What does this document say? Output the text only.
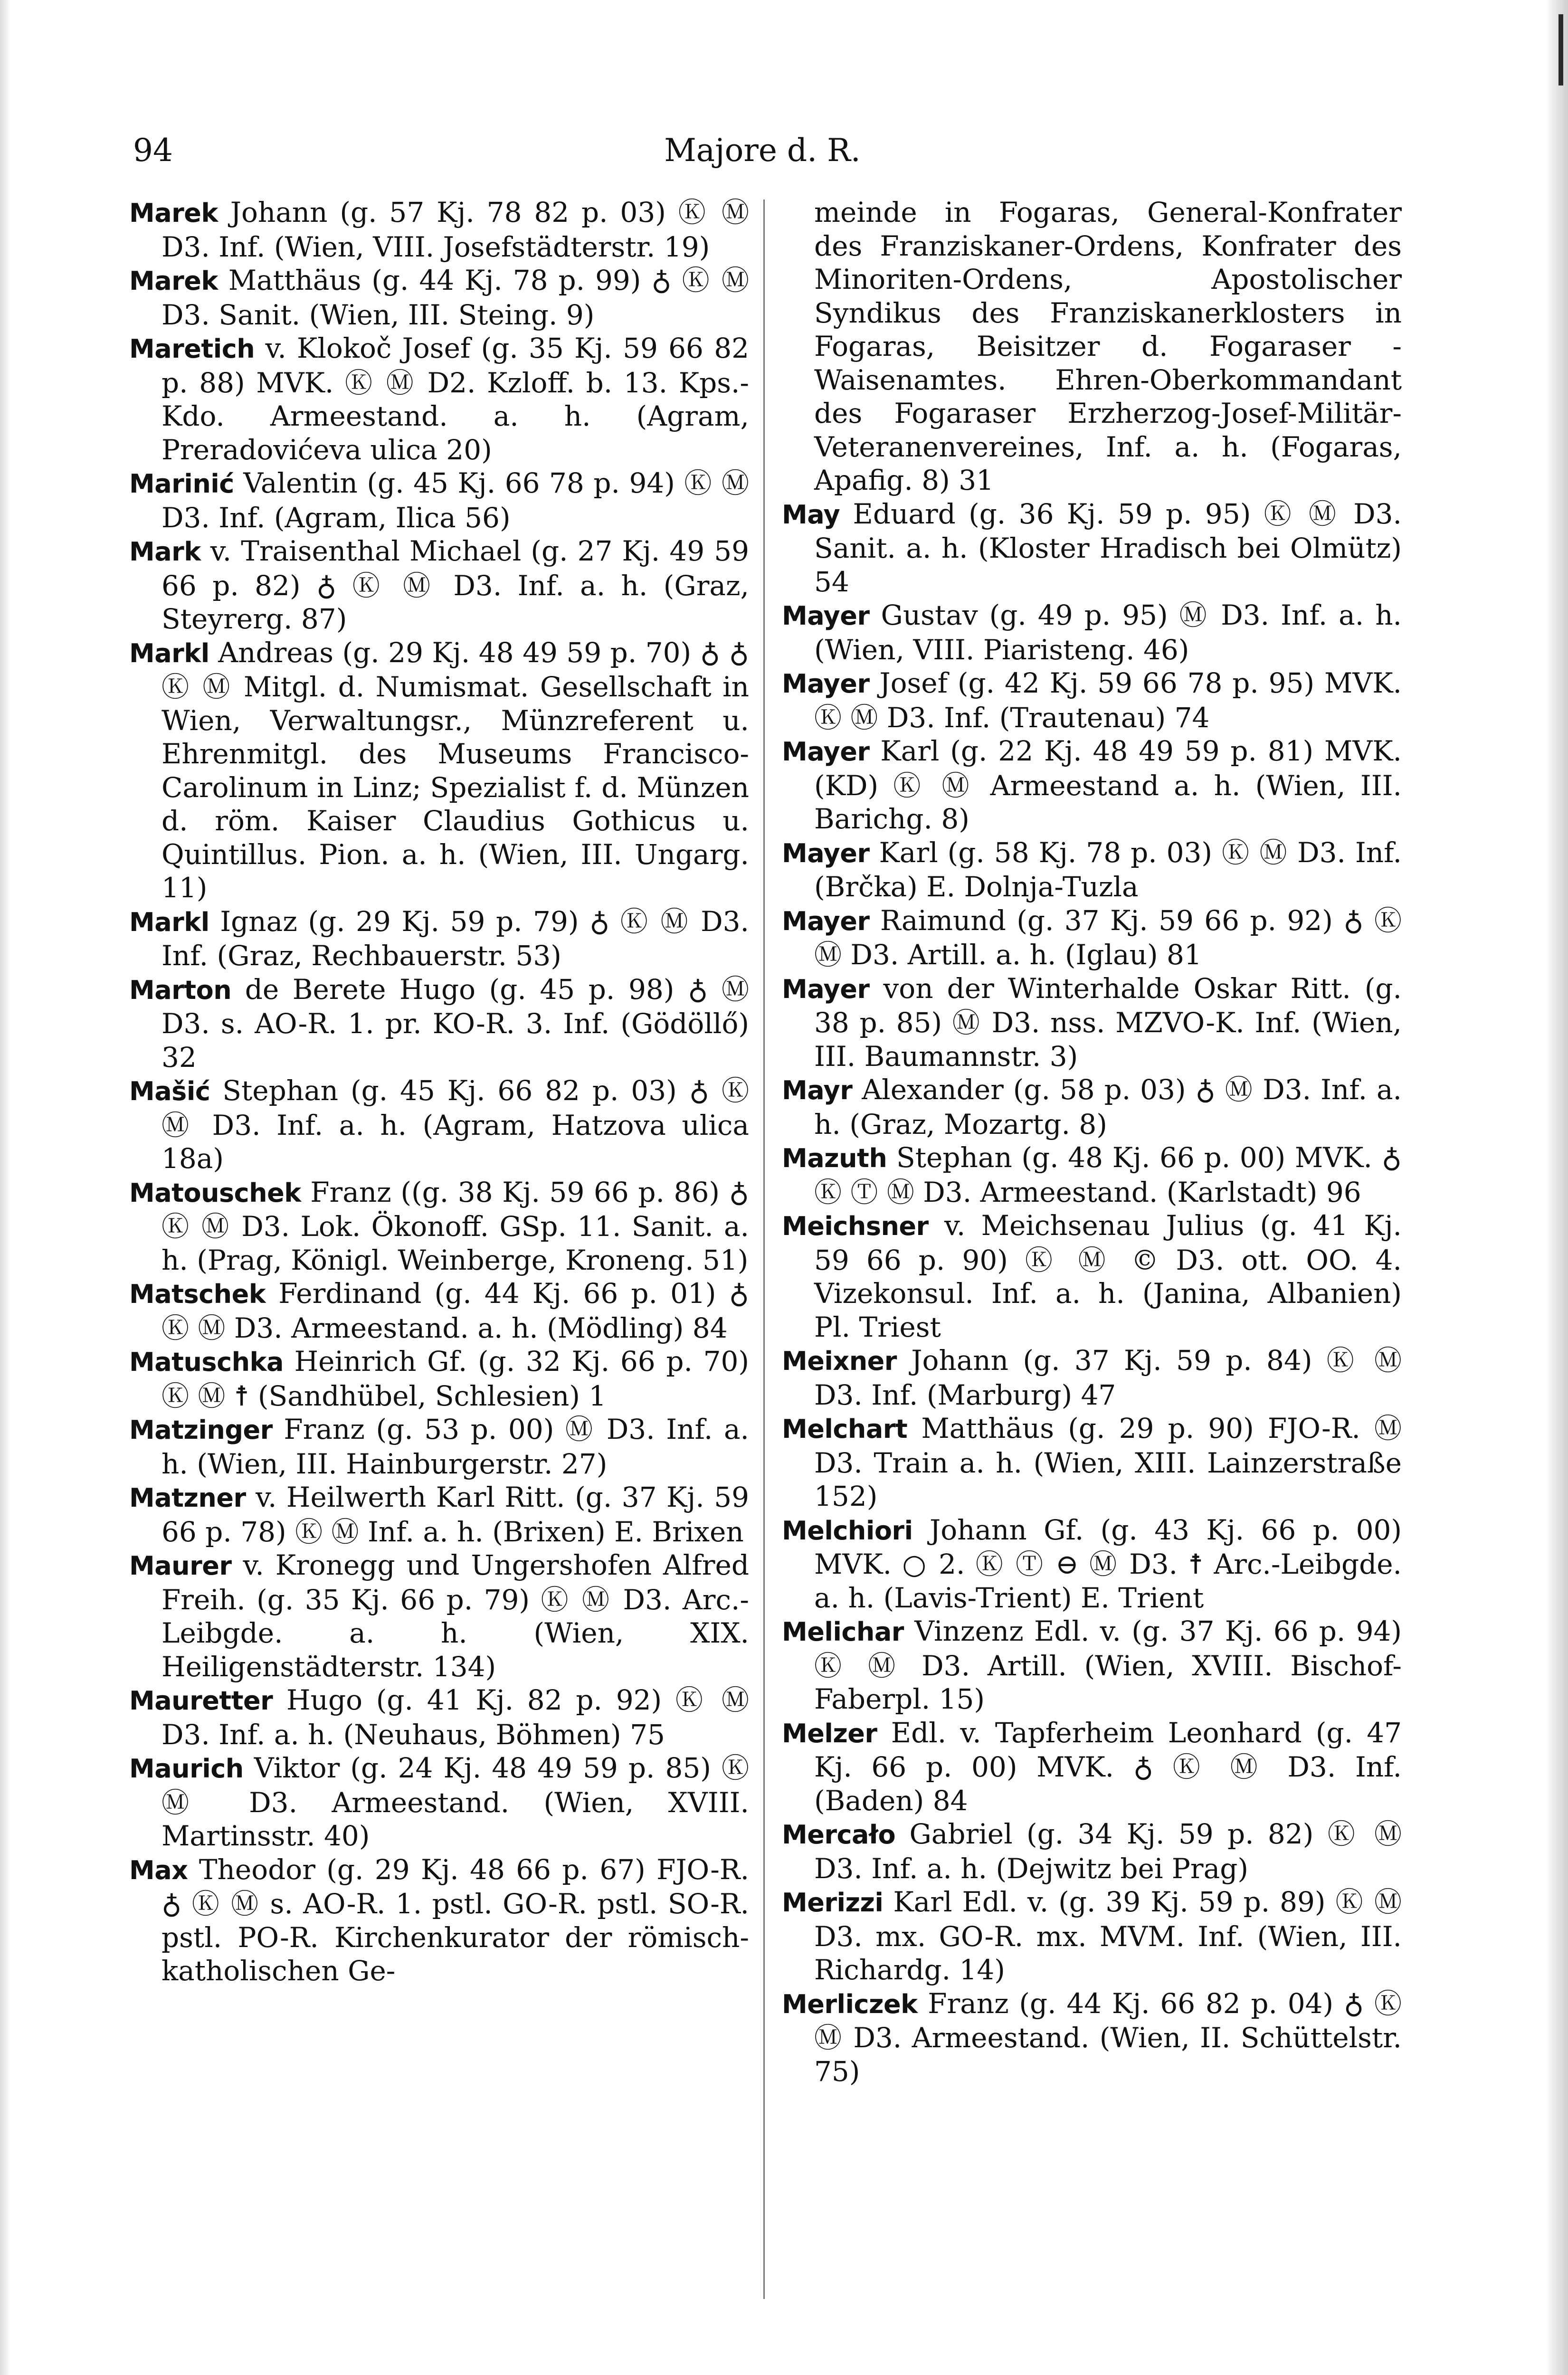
94	Majore d. R.

Marek Johann (g. 57 Kj. 78 82 p. 03) Ⓚ Ⓜ D3. Inf. (Wien, VIII. Josefstädterstr. 19)

Marek Matthäus (g. 44 Kj. 78 p. 99) ♁ Ⓚ Ⓜ D3. Sanit. (Wien, III. Steing. 9)

Maretich v. Klokoč Josef (g. 35 Kj. 59 66 82 p. 88) MVK. Ⓚ Ⓜ D2. Kzloff. b. 13. Kps.-Kdo. Armeestand. a. h. (Agram, Preradovićeva ulica 20)

Marinić Valentin (g. 45 Kj. 66 78 p. 94) Ⓚ Ⓜ D3. Inf. (Agram, Ilica 56)

Mark v. Traisenthal Michael (g. 27 Kj. 49 59 66 p. 82) ♁ Ⓚ Ⓜ D3. Inf. a. h. (Graz, Steyrerg. 87)

Markl Andreas (g. 29 Kj. 48 49 59 p. 70) ♁ ♁ Ⓚ Ⓜ Mitgl. d. Numismat. Gesellschaft in Wien, Verwaltungsr., Münzreferent u. Ehrenmitgl. des Museums Francisco-Carolinum in Linz; Spezialist f. d. Münzen d. röm. Kaiser Claudius Gothicus u. Quintillus. Pion. a. h. (Wien, III. Ungarg. 11)

Markl Ignaz (g. 29 Kj. 59 p. 79) ♁ Ⓚ Ⓜ D3. Inf. (Graz, Rechbauerstr. 53)

Marton de Berete Hugo (g. 45 p. 98) ♁ Ⓜ D3. s. AO-R. 1. pr. KO-R. 3. Inf. (Gödöllő) 32

Mašić Stephan (g. 45 Kj. 66 82 p. 03) ♁ Ⓚ Ⓜ D3. Inf. a. h. (Agram, Hatzova ulica 18a)

Matouschek Franz ((g. 38 Kj. 59 66 p. 86) ♁ Ⓚ Ⓜ D3. Lok. Ökonoff. GSp. 11. Sanit. a. h. (Prag, Königl. Weinberge, Kroneng. 51)

Matschek Ferdinand (g. 44 Kj. 66 p. 01) ♁ Ⓚ Ⓜ D3. Armeestand. a. h. (Mödling) 84

Matuschka Heinrich Gf. (g. 32 Kj. 66 p. 70) Ⓚ Ⓜ ☨ (Sandhübel, Schlesien) 1

Matzinger Franz (g. 53 p. 00) Ⓜ D3. Inf. a. h. (Wien, III. Hainburgerstr. 27)

Matzner v. Heilwerth Karl Ritt. (g. 37 Kj. 59 66 p. 78) Ⓚ Ⓜ Inf. a. h. (Brixen) E. Brixen

Maurer v. Kronegg und Ungershofen Alfred Freih. (g. 35 Kj. 66 p. 79) Ⓚ Ⓜ D3. Arc.-Leibgde. a. h. (Wien, XIX. Heiligenstädterstr. 134)

Mauretter Hugo (g. 41 Kj. 82 p. 92) Ⓚ Ⓜ D3. Inf. a. h. (Neuhaus, Böhmen) 75

Maurich Viktor (g. 24 Kj. 48 49 59 p. 85) Ⓚ Ⓜ D3. Armeestand. (Wien, XVIII. Martinsstr. 40)

Max Theodor (g. 29 Kj. 48 66 p. 67) FJO-R. ♁ Ⓚ Ⓜ s. AO-R. 1. pstl. GO-R. pstl. SO-R. pstl. PO-R. Kirchenkurator der römisch-katholischen Ge-

meinde in Fogaras, General-Konfrater des Franziskaner-Ordens, Konfrater des Minoriten-Ordens, Apostolischer Syndikus des Franziskanerklosters in Fogaras, Beisitzer d. Fogaraser -Waisenamtes. Ehren-Oberkommandant des Fogaraser Erzherzog-Josef-Militär-Veteranenvereines, Inf. a. h. (Fogaras, Apafig. 8) 31

May Eduard (g. 36 Kj. 59 p. 95) Ⓚ Ⓜ D3. Sanit. a. h. (Kloster Hradisch bei Olmütz) 54

Mayer Gustav (g. 49 p. 95) Ⓜ D3. Inf. a. h. (Wien, VIII. Piaristeng. 46)

Mayer Josef (g. 42 Kj. 59 66 78 p. 95) MVK. Ⓚ Ⓜ D3. Inf. (Trautenau) 74

Mayer Karl (g. 22 Kj. 48 49 59 p. 81) MVK. (KD) Ⓚ Ⓜ Armeestand a. h. (Wien, III. Barichg. 8)

Mayer Karl (g. 58 Kj. 78 p. 03) Ⓚ Ⓜ D3. Inf. (Brčka) E. Dolnja-Tuzla

Mayer Raimund (g. 37 Kj. 59 66 p. 92) ♁ Ⓚ Ⓜ D3. Artill. a. h. (Iglau) 81

Mayer von der Winterhalde Oskar Ritt. (g. 38 p. 85) Ⓜ D3. nss. MZVO-K. Inf. (Wien, III. Baumannstr. 3)

Mayr Alexander (g. 58 p. 03) ♁ Ⓜ D3. Inf. a. h. (Graz, Mozartg. 8)

Mazuth Stephan (g. 48 Kj. 66 p. 00) MVK. ♁ Ⓚ Ⓣ Ⓜ D3. Armeestand. (Karlstadt) 96

Meichsner v. Meichsenau Julius (g. 41 Kj. 59 66 p. 90) Ⓚ Ⓜ © D3. ott. OO. 4. Vizekonsul. Inf. a. h. (Janina, Albanien) Pl. Triest

Meixner Johann (g. 37 Kj. 59 p. 84) Ⓚ Ⓜ D3. Inf. (Marburg) 47

Melchart Matthäus (g. 29 p. 90) FJO-R. Ⓜ D3. Train a. h. (Wien, XIII. Lainzerstraße 152)

Melchiori Johann Gf. (g. 43 Kj. 66 p. 00) MVK. ○ 2. Ⓚ Ⓣ ⊖ Ⓜ D3. ☨ Arc.-Leibgde. a. h. (Lavis-Trient) E. Trient

Melichar Vinzenz Edl. v. (g. 37 Kj. 66 p. 94) Ⓚ Ⓜ D3. Artill. (Wien, XVIII. Bischof-Faberpl. 15)

Melzer Edl. v. Tapferheim Leonhard (g. 47 Kj. 66 p. 00) MVK. ♁ Ⓚ Ⓜ D3. Inf. (Baden) 84

Mercało Gabriel (g. 34 Kj. 59 p. 82) Ⓚ Ⓜ D3. Inf. a. h. (Dejwitz bei Prag)

Merizzi Karl Edl. v. (g. 39 Kj. 59 p. 89) Ⓚ Ⓜ D3. mx. GO-R. mx. MVM. Inf. (Wien, III. Richardg. 14)

Merliczek Franz (g. 44 Kj. 66 82 p. 04) ♁ Ⓚ Ⓜ D3. Armeestand. (Wien, II. Schüttelstr. 75)
